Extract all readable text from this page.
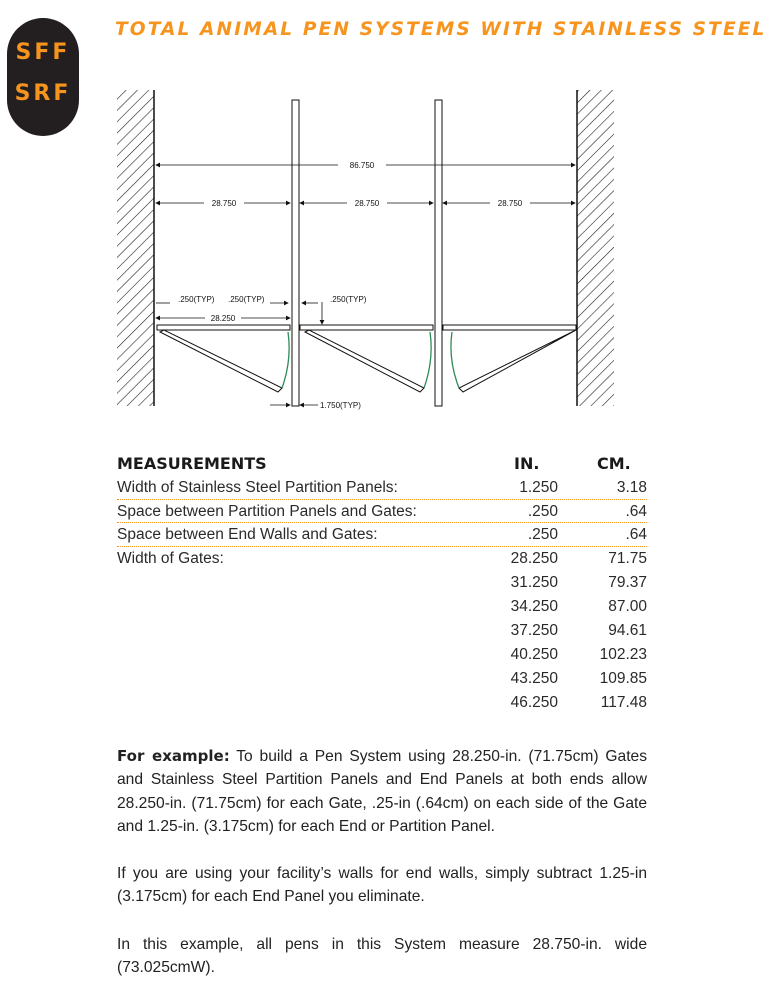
SFF
SRF
TOTAL ANIMAL PEN SYSTEMS WITH STAINLESS STEEL
86.750
28.750	28.750	28.750
.250(TYP) .250(TYP)	.250(TYP)
28.250
1.750(TYP)
MEASUREMENTS	IN.	CM.
Width of Stainless Steel Partition Panels:	1.250	3.18
Space between Partition Panels and Gates:	.250	.64
Space between End Walls and Gates:	.250	.64
Width of Gates:	28.250	71.75
31.250	79.37
34.250	87.00
37.250	94.61
40.250	102.23
43.250	109.85
46.250	117.48
For example: To build a Pen System using 28.250-in. (71.75cm) Gates and Stainless Steel Partition Panels and End Panels at both ends allow 28.250-in. (71.75cm) for each Gate, .25-in (.64cm) on each side of the Gate and 1.25-in. (3.175cm) for each End or Partition Panel.
If you are using your facility’s walls for end walls, simply subtract 1.25-in (3.175cm) for each End Panel you eliminate.
In this example, all pens in this System measure 28.750-in. wide (73.025cmW).
